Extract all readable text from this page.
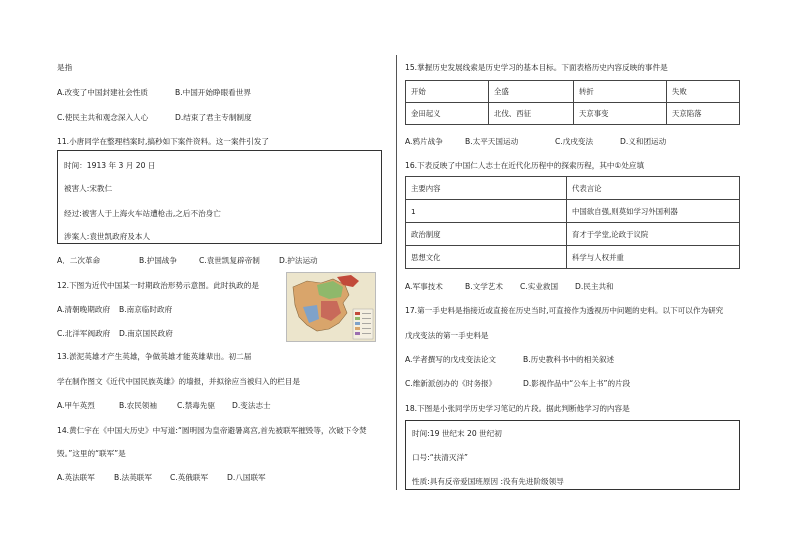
是指
A.改变了中国封建社会性质	B.中国开始睁眼看世界
C.使民主共和观念深入人心	D.结束了君主专制制度
11.小唐同学在整理档案时,搞秒如下案件资料。这一案件引发了
时间：1913 年 3 月 20 日
被害人:宋教仁
经过:被害人于上海火车站遭枪击,之后不治身亡
涉案人:袁世凯政府及本人
A．二次革命	B.护国战争	C.袁世凯复辟帝制	D.护法运动
12.下图为近代中国某一时期政治形势示意图。此时执政的是
A.清朝晚期政府 B.南京临时政府
C.北洋军阀政府 D.南京国民政府
13.淤泥英雄才产生英雄，争做英雄才能英雄辈出。初二届
学在制作图文《近代中国民族英雄》的墙报，并拟徐应当被归入的栏目是
A.甲午英烈	B.农民领袖	C.禁毒先驱 D.变法志士
14.黄仁宇在《中国大历史》中写道:“圆明园为皇帝避暑离宫,首先被联军摧毁等，次破下令焚
毁。”这里的“联军”是
A.英法联军	B.法英联军 C.英俄联军 D.八国联军
15.掌握历史发展线索是历史学习的基本目标。下面表格历史内容反映的事件是
开始	全盛	转折	失败
金田起义	北伐、西征	天京事变	天京陷落
A.鸦片战争	B.太平天国运动	C.戊戌变法	D.义和团运动
16.下表反映了中国仁人志士在近代化历程中的探索历程，其中①处应填
主要内容	代表言论
1	中国欲自强,则莫如学习外国利器
政治制度	育才于学堂,论政于议院
思想文化	科学与人权并重
A.军事技术	B.文学艺术 C.实业救国 D.民主共和
17.第一手史料是指接近或直接在历史当时,可直接作为透视历中问题的史料。以下可以作为研究
戊戌变法的第一手史料是
A.学者撰写的戊戌变法论文	B.历史教科书中的相关叙述
C.维新派创办的《时务报》	D.影视作品中“公车上书”的片段
18.下图是小张同学历史学习笔记的片段。据此判断他学习的内容是
时间:19 世纪末 20 世纪初
口号:“扶清灭洋”
性质:具有反帝爱国班原因 :没有先进阶级领导
